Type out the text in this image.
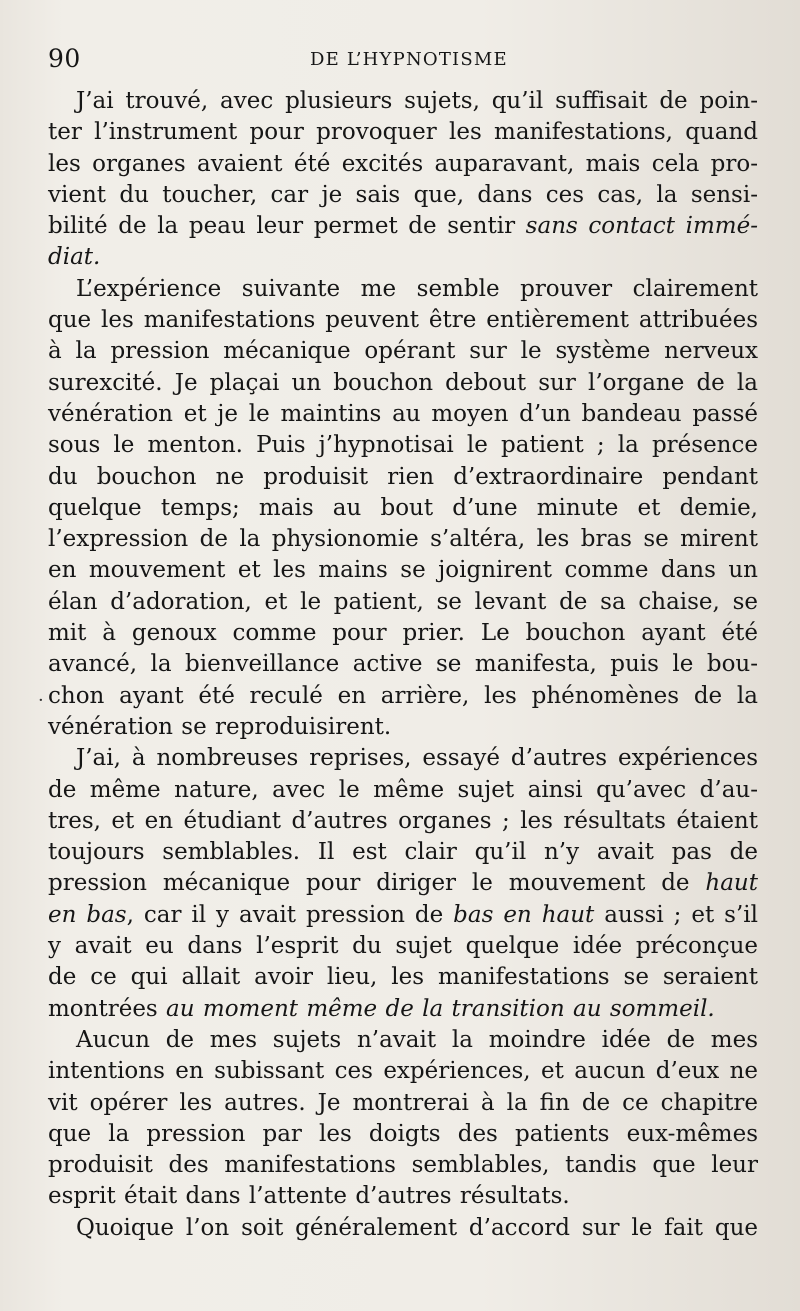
90	DE L’HYPNOTISME
J’ai trouvé, avec plusieurs sujets, qu’il suffisait de poin-
ter l’instrument pour provoquer les manifestations, quand
les organes avaient été excités auparavant, mais cela pro-
vient du toucher, car je sais que, dans ces cas, la sensi-
bilité de la peau leur permet de sentir sans contact immé-
diat.
L’expérience suivante me semble prouver clairement
que les manifestations peuvent être entièrement attribuées
à la pression mécanique opérant sur le système nerveux
surexcité. Je plaçai un bouchon debout sur l’organe de la
vénération et je le maintins au moyen d’un bandeau passé
sous le menton. Puis j’hypnotisai le patient ; la présence
du bouchon ne produisit rien d’extraordinaire pendant
quelque temps; mais au bout d’une minute et demie,
l’expression de la physionomie s’altéra, les bras se mirent
en mouvement et les mains se joignirent comme dans un
élan d’adoration, et le patient, se levant de sa chaise, se
mit à genoux comme pour prier. Le bouchon ayant été
avancé, la bienveillance active se manifesta, puis le bou-
chon ayant été reculé en arrière, les phénomènes de la
vénération se reproduisirent.
J’ai, à nombreuses reprises, essayé d’autres expériences
de même nature, avec le même sujet ainsi qu’avec d’au-
tres, et en étudiant d’autres organes ; les résultats étaient
toujours semblables. Il est clair qu’il n’y avait pas de
pression mécanique pour diriger le mouvement de haut
en bas, car il y avait pression de bas en haut aussi ; et s’il
y avait eu dans l’esprit du sujet quelque idée préconçue
de ce qui allait avoir lieu, les manifestations se seraient
montrées au moment même de la transition au sommeil.
Aucun de mes sujets n’avait la moindre idée de mes
intentions en subissant ces expériences, et aucun d’eux ne
vit opérer les autres. Je montrerai à la fin de ce chapitre
que la pression par les doigts des patients eux-mêmes
produisit des manifestations semblables, tandis que leur
esprit était dans l’attente d’autres résultats.
Quoique l’on soit généralement d’accord sur le fait que
·
